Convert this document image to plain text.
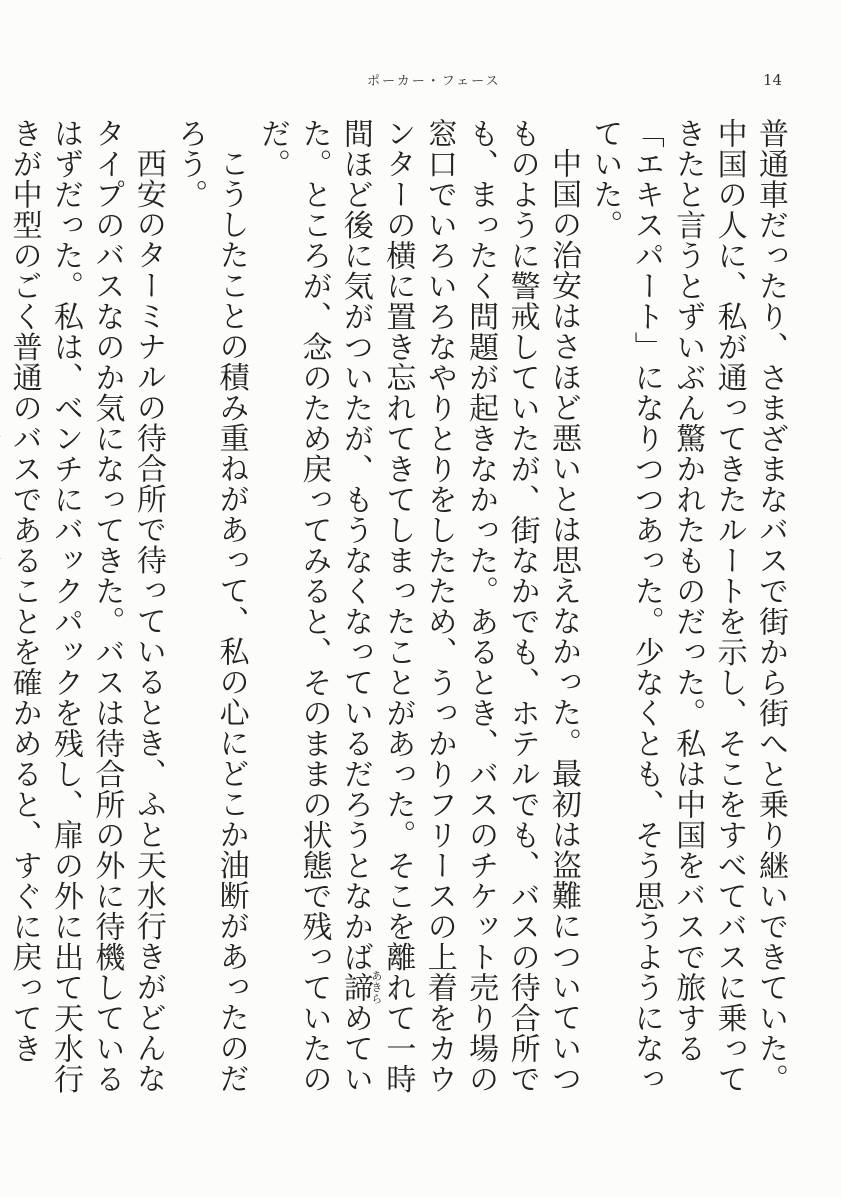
ポーカー・フェース	14

普通車だったり、さまざまなバスで街から街へと乗り継いできていた。中国の人に、私が通ってきたルートを示し、そこをすべてバスに乗ってきたと言うとずいぶん驚かれたものだった。私は中国をバスで旅する「エキスパート」になりつつあった。少なくとも、そう思うようになっていた。

中国の治安はさほど悪いとは思えなかった。最初は盗難についていつものように警戒していたが、街なかでも、ホテルでも、バスの待合所でも、まったく問題が起きなかった。あるとき、バスのチケット売り場の窓口でいろいろなやりとりをしたため、うっかりフリースの上着をカウンターの横に置き忘れてきてしまったことがあった。そこを離れて一時間ほど後に気がついたが、もうなくなっているだろうとなかば諦あきらめていた。ところが、念のため戻ってみると、そのままの状態で残っていたのだ。

こうしたことの積み重ねがあって、私の心にどこか油断があったのだろう。

西安のターミナルの待合所で待っているとき、ふと天水行きがどんなタイプのバスなのか気になってきた。バスは待合所の外に待機しているはずだった。私は、ベンチにバックパックを残し、扉の外に出て天水行きが中型のごく普通のバスであることを確かめると、すぐに戻ってき
